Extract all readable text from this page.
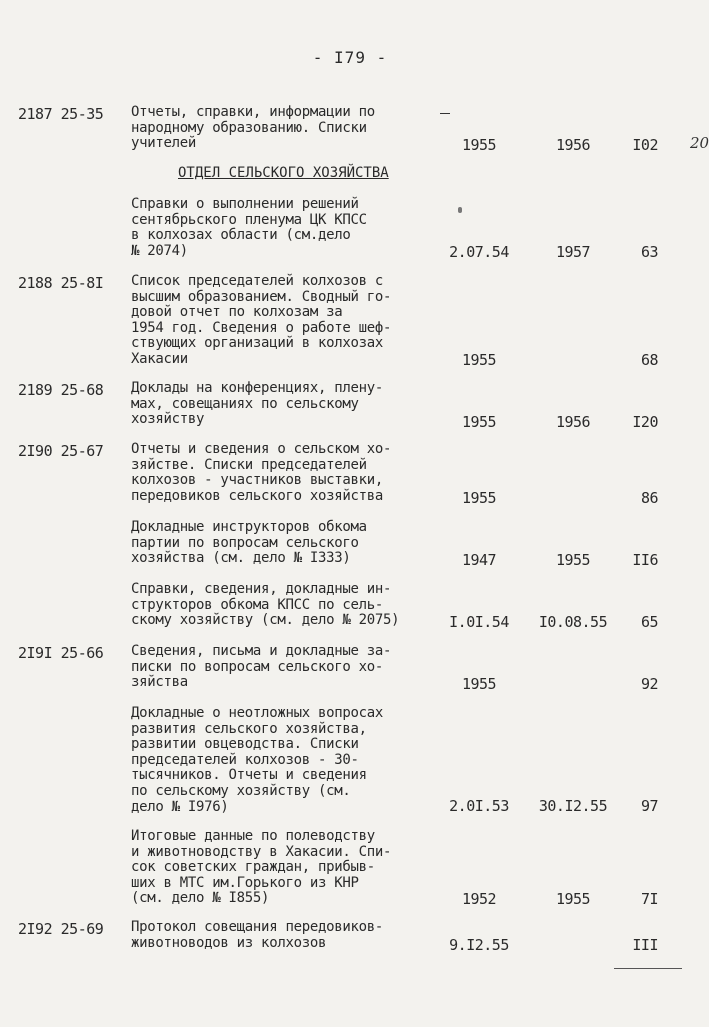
- I79 -
20
ОТДЕЛ СЕЛЬСКОГО ХОЗЯЙСТВА
2187 25-35 Отчеты, справки, информации по
народному образованию. Списки
учителей	1955	1956	I02
Справки о выполнении решений
сентябрьского пленума ЦК КПСС
в колхозах области (см.дело
№ 2074)	2.07.54	1957	63
2188 25-8I Список председателей колхозов с
высшим образованием. Сводный го-
довой отчет по колхозам за
1954 год. Сведения о работе шеф-
ствующих организаций в колхозах
Хакасии	1955	68
2189 25-68 Доклады на конференциях, плену-
мах, совещаниях по сельскому
хозяйству	1955	1956	I20
2I90 25-67 Отчеты и сведения о сельском хо-
зяйстве. Списки председателей
колхозов - участников выставки,
передовиков сельского хозяйства	1955	86
Докладные инструкторов обкома
партии по вопросам сельского
хозяйства (см. дело № I333)	1947	1955	II6
Справки, сведения, докладные ин-
структоров обкома КПСС по сель-
скому хозяйству (см. дело № 2075)	I.0I.54	I0.08.55	65
2I9I 25-66 Сведения, письма и докладные за-
писки по вопросам сельского хо-
зяйства	1955	92
Докладные о неотложных вопросах
развития сельского хозяйства,
развитии овцеводства. Списки
председателей колхозов - 30-
тысячников. Отчеты и сведения
по сельскому хозяйству (см.
дело № I976)	2.0I.53	30.I2.55	97
Итоговые данные по полеводству
и животноводству в Хакасии. Спи-
сок советских граждан, прибыв-
ших в МТС им.Горького из КНР
(см. дело № I855)	1952	1955	7I
2I92 25-69 Протокол совещания передовиков-
животноводов из колхозов	9.I2.55	III
